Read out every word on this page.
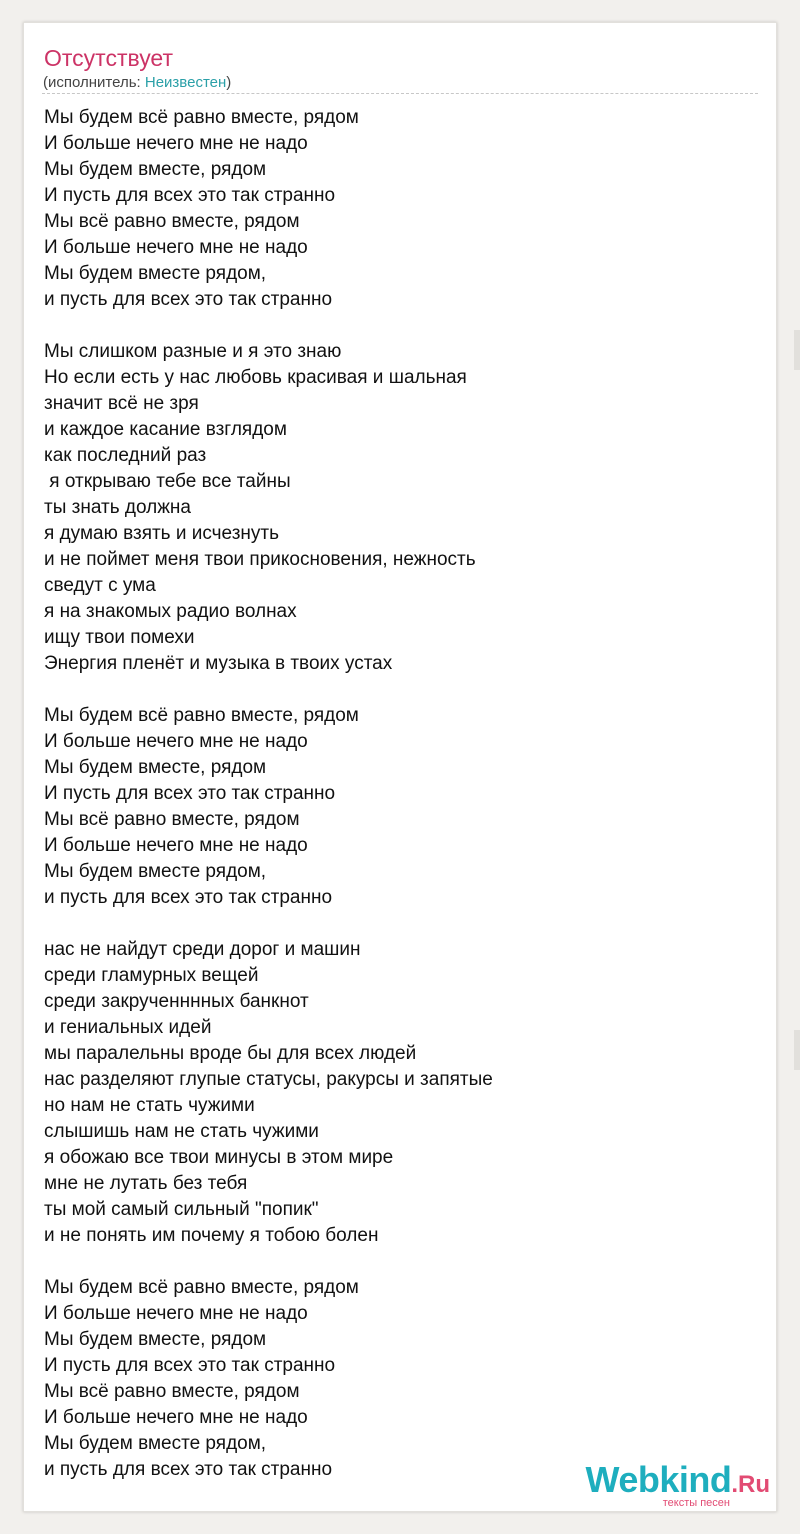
Отсутствует
(исполнитель: Неизвестен)
Мы будем всё равно вместе, рядом
И больше нечего мне не надо
Мы будем вместе, рядом
И пусть для всех это так странно
Мы всё равно вместе, рядом
И больше нечего мне не надо
Мы будем вместе рядом,
и пусть для всех это так странно
Мы слишком разные и я это знаю
Но если есть у нас любовь красивая и шальная
значит всё не зря
и каждое касание взглядом
как последний раз
я открываю тебе все тайны
ты знать должна
я думаю взять и исчезнуть
и не поймет меня твои прикосновения, нежность
сведут с ума
я на знакомых радио волнах
ищу твои помехи
Энергия пленёт и музыка в твоих устах
Мы будем всё равно вместе, рядом
И больше нечего мне не надо
Мы будем вместе, рядом
И пусть для всех это так странно
Мы всё равно вместе, рядом
И больше нечего мне не надо
Мы будем вместе рядом,
и пусть для всех это так странно
нас не найдут среди дорог и машин
среди гламурных вещей
среди закрученннных банкнот
и гениальных идей
мы паралельны вроде бы для всех людей
нас разделяют глупые статусы, ракурсы и запятые
но нам не стать чужими
слышишь нам не стать чужими
я обожаю все твои минусы в этом мире
мне не лутать без тебя
ты мой самый сильный "попик"
и не понять им почему я тобою болен
Мы будем всё равно вместе, рядом
И больше нечего мне не надо
Мы будем вместе, рядом
И пусть для всех это так странно
Мы всё равно вместе, рядом
И больше нечего мне не надо
Мы будем вместе рядом,
и пусть для всех это так странно	Webkind.Ru
тексты песен
